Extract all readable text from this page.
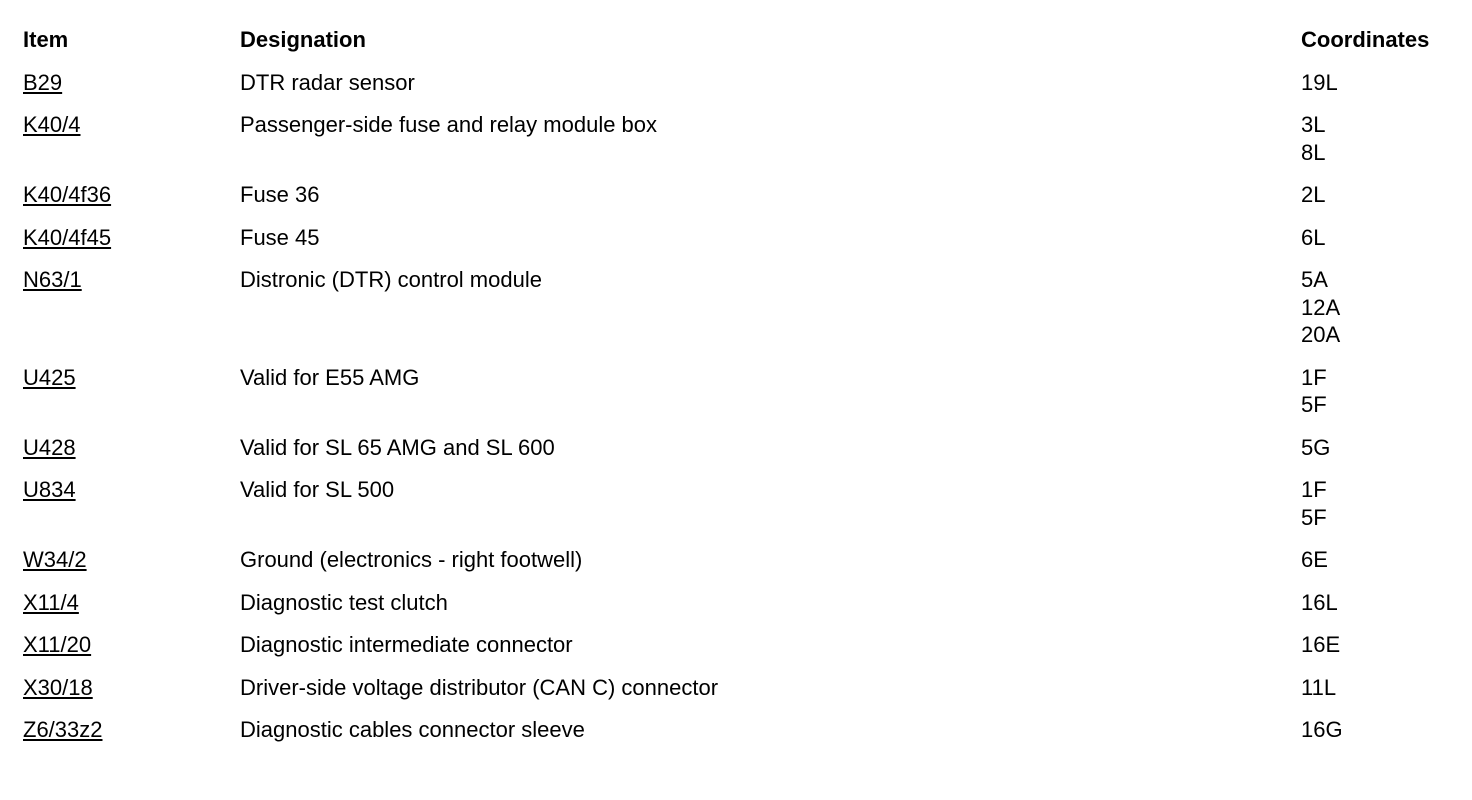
Item	Designation	Coordinates
B29	DTR radar sensor	19L

K40/4	Passenger-side fuse and relay module box	3L
8L

K40/4f36	Fuse 36	2L

K40/4f45	Fuse 45	6L

N63/1	Distronic (DTR) control module	5A
12A
20A

U425	Valid for E55 AMG	1F
5F

U428	Valid for SL 65 AMG and SL 600	5G

U834	Valid for SL 500	1F
5F

W34/2	Ground (electronics - right footwell)	6E

X11/4	Diagnostic test clutch	16L

X11/20	Diagnostic intermediate connector	16E

X30/18	Driver-side voltage distributor (CAN C) connector	11L

Z6/33z2	Diagnostic cables connector sleeve	16G
